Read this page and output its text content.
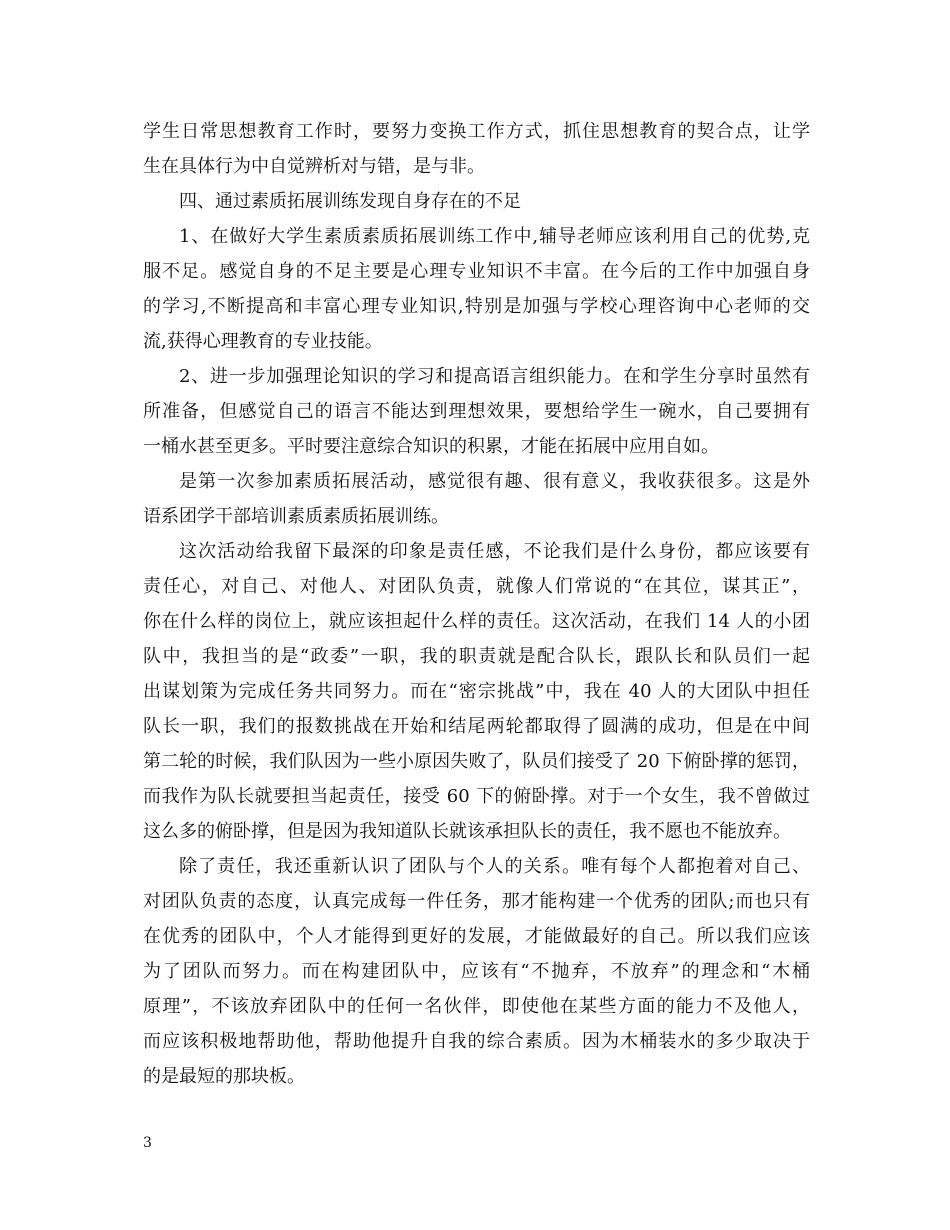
学生日常思想教育工作时，要努力变换工作方式，抓住思想教育的契合点，让学
生在具体行为中自觉辨析对与错，是与非。
四、通过素质拓展训练发现自身存在的不足
1、在做好大学生素质素质拓展训练工作中,辅导老师应该利用自己的优势,克
服不足。感觉自身的不足主要是心理专业知识不丰富。在今后的工作中加强自身
的学习,不断提高和丰富心理专业知识,特别是加强与学校心理咨询中心老师的交
流,获得心理教育的专业技能。
2、进一步加强理论知识的学习和提高语言组织能力。在和学生分享时虽然有
所准备，但感觉自己的语言不能达到理想效果，要想给学生一碗水，自己要拥有
一桶水甚至更多。平时要注意综合知识的积累，才能在拓展中应用自如。
是第一次参加素质拓展活动，感觉很有趣、很有意义，我收获很多。这是外
语系团学干部培训素质素质拓展训练。
这次活动给我留下最深的印象是责任感，不论我们是什么身份，都应该要有
责任心，对自己、对他人、对团队负责，就像人们常说的“在其位，谋其正”，
你在什么样的岗位上，就应该担起什么样的责任。这次活动，在我们 14 人的小团
队中，我担当的是“政委”一职，我的职责就是配合队长，跟队长和队员们一起
出谋划策为完成任务共同努力。而在“密宗挑战”中，我在 40 人的大团队中担任
队长一职，我们的报数挑战在开始和结尾两轮都取得了圆满的成功，但是在中间
第二轮的时候，我们队因为一些小原因失败了，队员们接受了 20 下俯卧撑的惩罚，
而我作为队长就要担当起责任，接受 60 下的俯卧撑。对于一个女生，我不曾做过
这么多的俯卧撑，但是因为我知道队长就该承担队长的责任，我不愿也不能放弃。
除了责任，我还重新认识了团队与个人的关系。唯有每个人都抱着对自己、
对团队负责的态度，认真完成每一件任务，那才能构建一个优秀的团队;而也只有
在优秀的团队中，个人才能得到更好的发展，才能做最好的自己。所以我们应该
为了团队而努力。而在构建团队中，应该有“不抛弃，不放弃”的理念和“木桶
原理”，不该放弃团队中的任何一名伙伴，即使他在某些方面的能力不及他人，
而应该积极地帮助他，帮助他提升自我的综合素质。因为木桶装水的多少取决于
的是最短的那块板。
3
